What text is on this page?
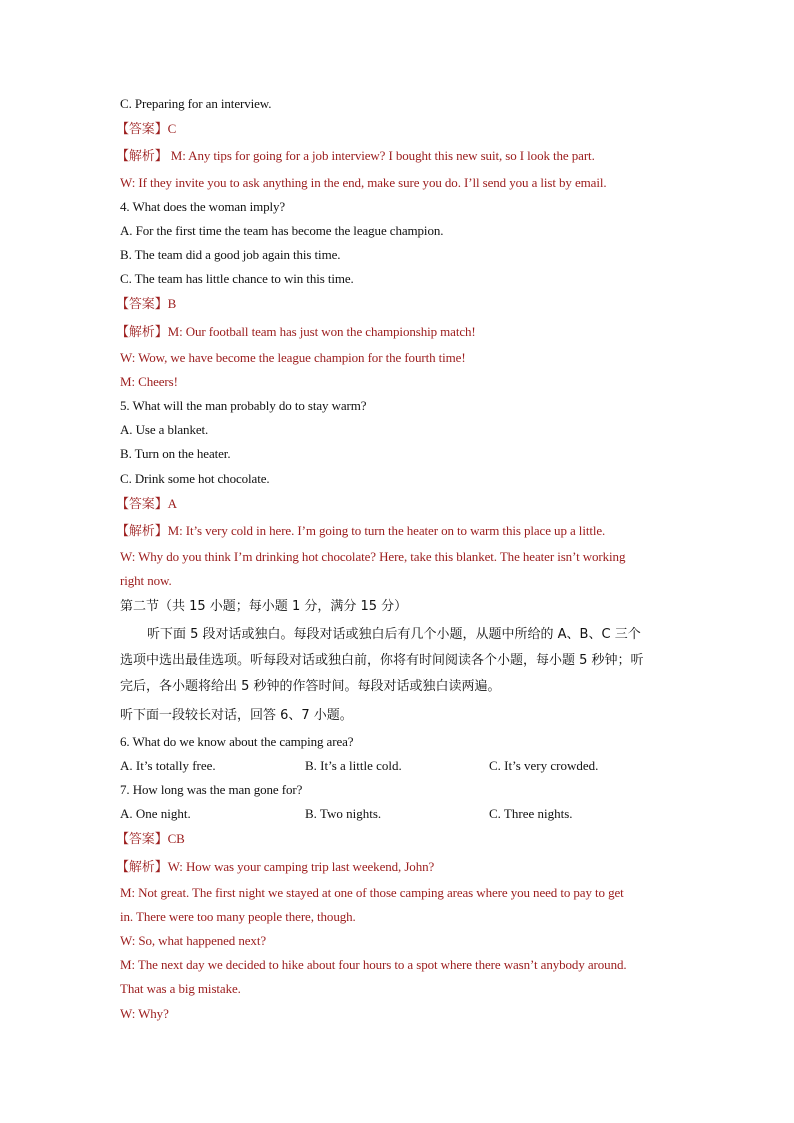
C. Preparing for an interview.
【答案】C
【解析】 M: Any tips for going for a job interview? I bought this new suit, so I look the part.
W: If they invite you to ask anything in the end, make sure you do. I’ll send you a list by email.
4. What does the woman imply?
A. For the first time the team has become the league champion.
B. The team did a good job again this time.
C. The team has little chance to win this time.
【答案】B
【解析】M: Our football team has just won the championship match!
W: Wow, we have become the league champion for the fourth time!
M: Cheers!
5. What will the man probably do to stay warm?
A. Use a blanket.
B. Turn on the heater.
C. Drink some hot chocolate.
【答案】A
【解析】M: It’s very cold in here. I’m going to turn the heater on to warm this place up a little.
W: Why do you think I’m drinking hot chocolate? Here, take this blanket. The heater isn’t working
right now.
第二节（共 15 小题；每小题 1 分，满分 15 分）
听下面 5 段对话或独白。每段对话或独白后有几个小题，从题中所给的 A、B、C 三个
选项中选出最佳选项。听每段对话或独白前，你将有时间阅读各个小题，每小题 5 秒钟；听
完后，各小题将给出 5 秒钟的作答时间。每段对话或独白读两遍。
听下面一段较长对话，回答 6、7 小题。
6. What do we know about the camping area?
A. It’s totally free.	B. It’s a little cold.	C. It’s very crowded.
7. How long was the man gone for?
A. One night.	B. Two nights.	C. Three nights.
【答案】CB
【解析】W: How was your camping trip last weekend, John?
M: Not great. The first night we stayed at one of those camping areas where you need to pay to get
in. There were too many people there, though.
W: So, what happened next?
M: The next day we decided to hike about four hours to a spot where there wasn’t anybody around.
That was a big mistake.
W: Why?
